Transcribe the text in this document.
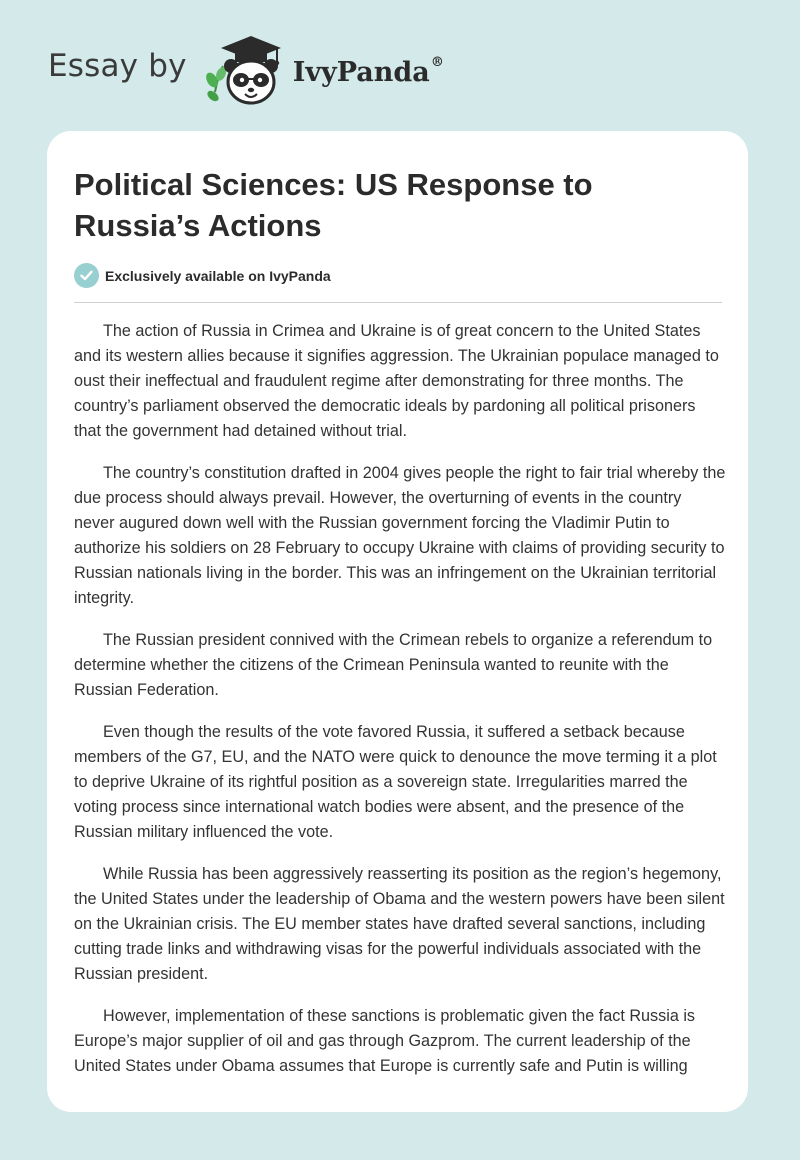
Essay by	IvyPanda®
Political Sciences: US Response to Russia’s Actions
Exclusively available on IvyPanda

The action of Russia in Crimea and Ukraine is of great concern to the United States and its western allies because it signifies aggression. The Ukrainian populace managed to oust their ineffectual and fraudulent regime after demonstrating for three months. The country’s parliament observed the democratic ideals by pardoning all political prisoners that the government had detained without trial.

The country’s constitution drafted in 2004 gives people the right to fair trial whereby the due process should always prevail. However, the overturning of events in the country never augured down well with the Russian government forcing the Vladimir Putin to authorize his soldiers on 28 February to occupy Ukraine with claims of providing security to Russian nationals living in the border. This was an infringement on the Ukrainian territorial integrity.

The Russian president connived with the Crimean rebels to organize a referendum to determine whether the citizens of the Crimean Peninsula wanted to reunite with the Russian Federation.

Even though the results of the vote favored Russia, it suffered a setback because members of the G7, EU, and the NATO were quick to denounce the move terming it a plot to deprive Ukraine of its rightful position as a sovereign state. Irregularities marred the voting process since international watch bodies were absent, and the presence of the Russian military influenced the vote.

While Russia has been aggressively reasserting its position as the region’s hegemony, the United States under the leadership of Obama and the western powers have been silent on the Ukrainian crisis. The EU member states have drafted several sanctions, including cutting trade links and withdrawing visas for the powerful individuals associated with the Russian president.

However, implementation of these sanctions is problematic given the fact Russia is Europe’s major supplier of oil and gas through Gazprom. The current leadership of the United States under Obama assumes that Europe is currently safe and Putin is willing
